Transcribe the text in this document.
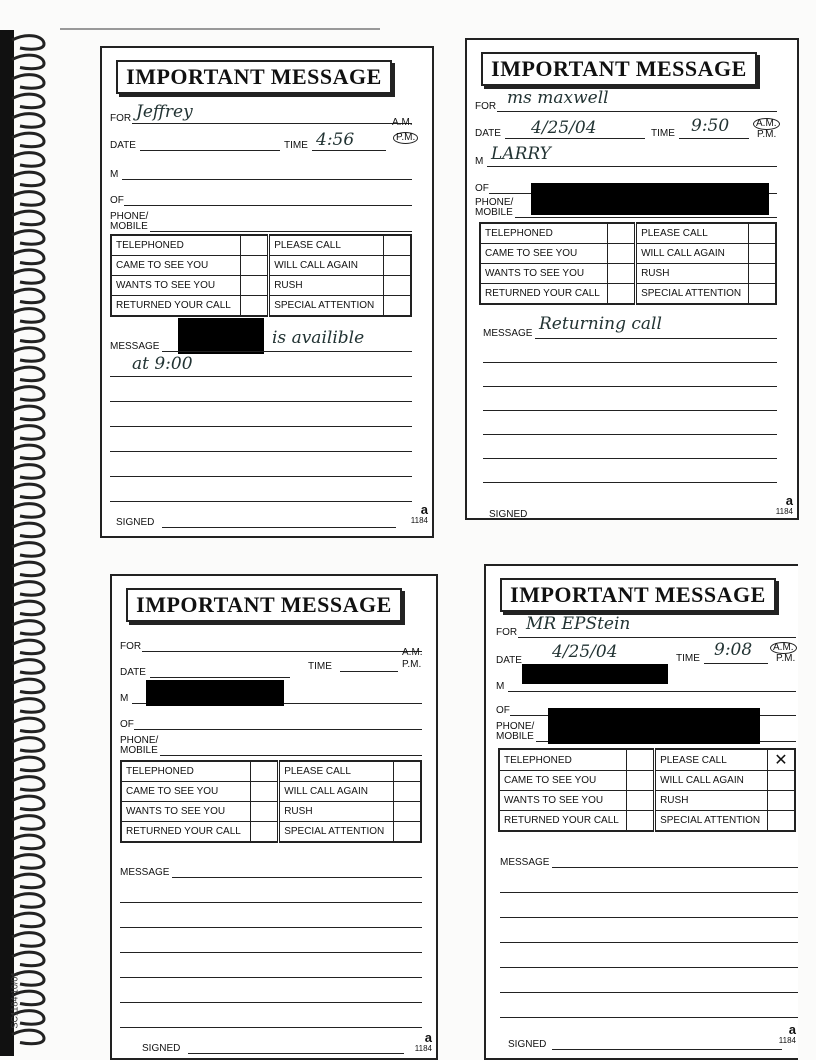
SC1184 10/01
IMPORTANT MESSAGE
FOR Jeffrey
A.M.
DATE	TIME 4:56	P.M.
M
OF
PHONE/
MOBILE
TELEPHONED		PLEASE CALL	
CAME TO SEE YOU		WILL CALL AGAIN	
WANTS TO SEE YOU		RUSH	
RETURNED YOUR CALL		SPECIAL ATTENTION	
MESSAGE	is availible
at 9:00
SIGNED
a
1184
IMPORTANT MESSAGE
FOR ms maxwell
DATE 4/25/04	TIME 9:50	A.M.
P.M.
M LARRY
OF
PHONE/
MOBILE
TELEPHONED		PLEASE CALL	
CAME TO SEE YOU		WILL CALL AGAIN	
WANTS TO SEE YOU		RUSH	
RETURNED YOUR CALL		SPECIAL ATTENTION	
MESSAGE Returning call
SIGNED
a
1184
IMPORTANT MESSAGE
FOR
A.M.
DATE
TIME	P.M.
M
OF
PHONE/
MOBILE
TELEPHONED		PLEASE CALL	
CAME TO SEE YOU		WILL CALL AGAIN	
WANTS TO SEE YOU		RUSH	
RETURNED YOUR CALL		SPECIAL ATTENTION	
MESSAGE
SIGNED
a
1184
IMPORTANT MESSAGE
FOR MR EPStein
DATE 4/25/04	TIME 9:08	A.M.
P.M.
M
OF
PHONE/
MOBILE
TELEPHONED		PLEASE CALL	✕
CAME TO SEE YOU		WILL CALL AGAIN	
WANTS TO SEE YOU		RUSH	
RETURNED YOUR CALL		SPECIAL ATTENTION	
MESSAGE
SIGNED
a
1184
